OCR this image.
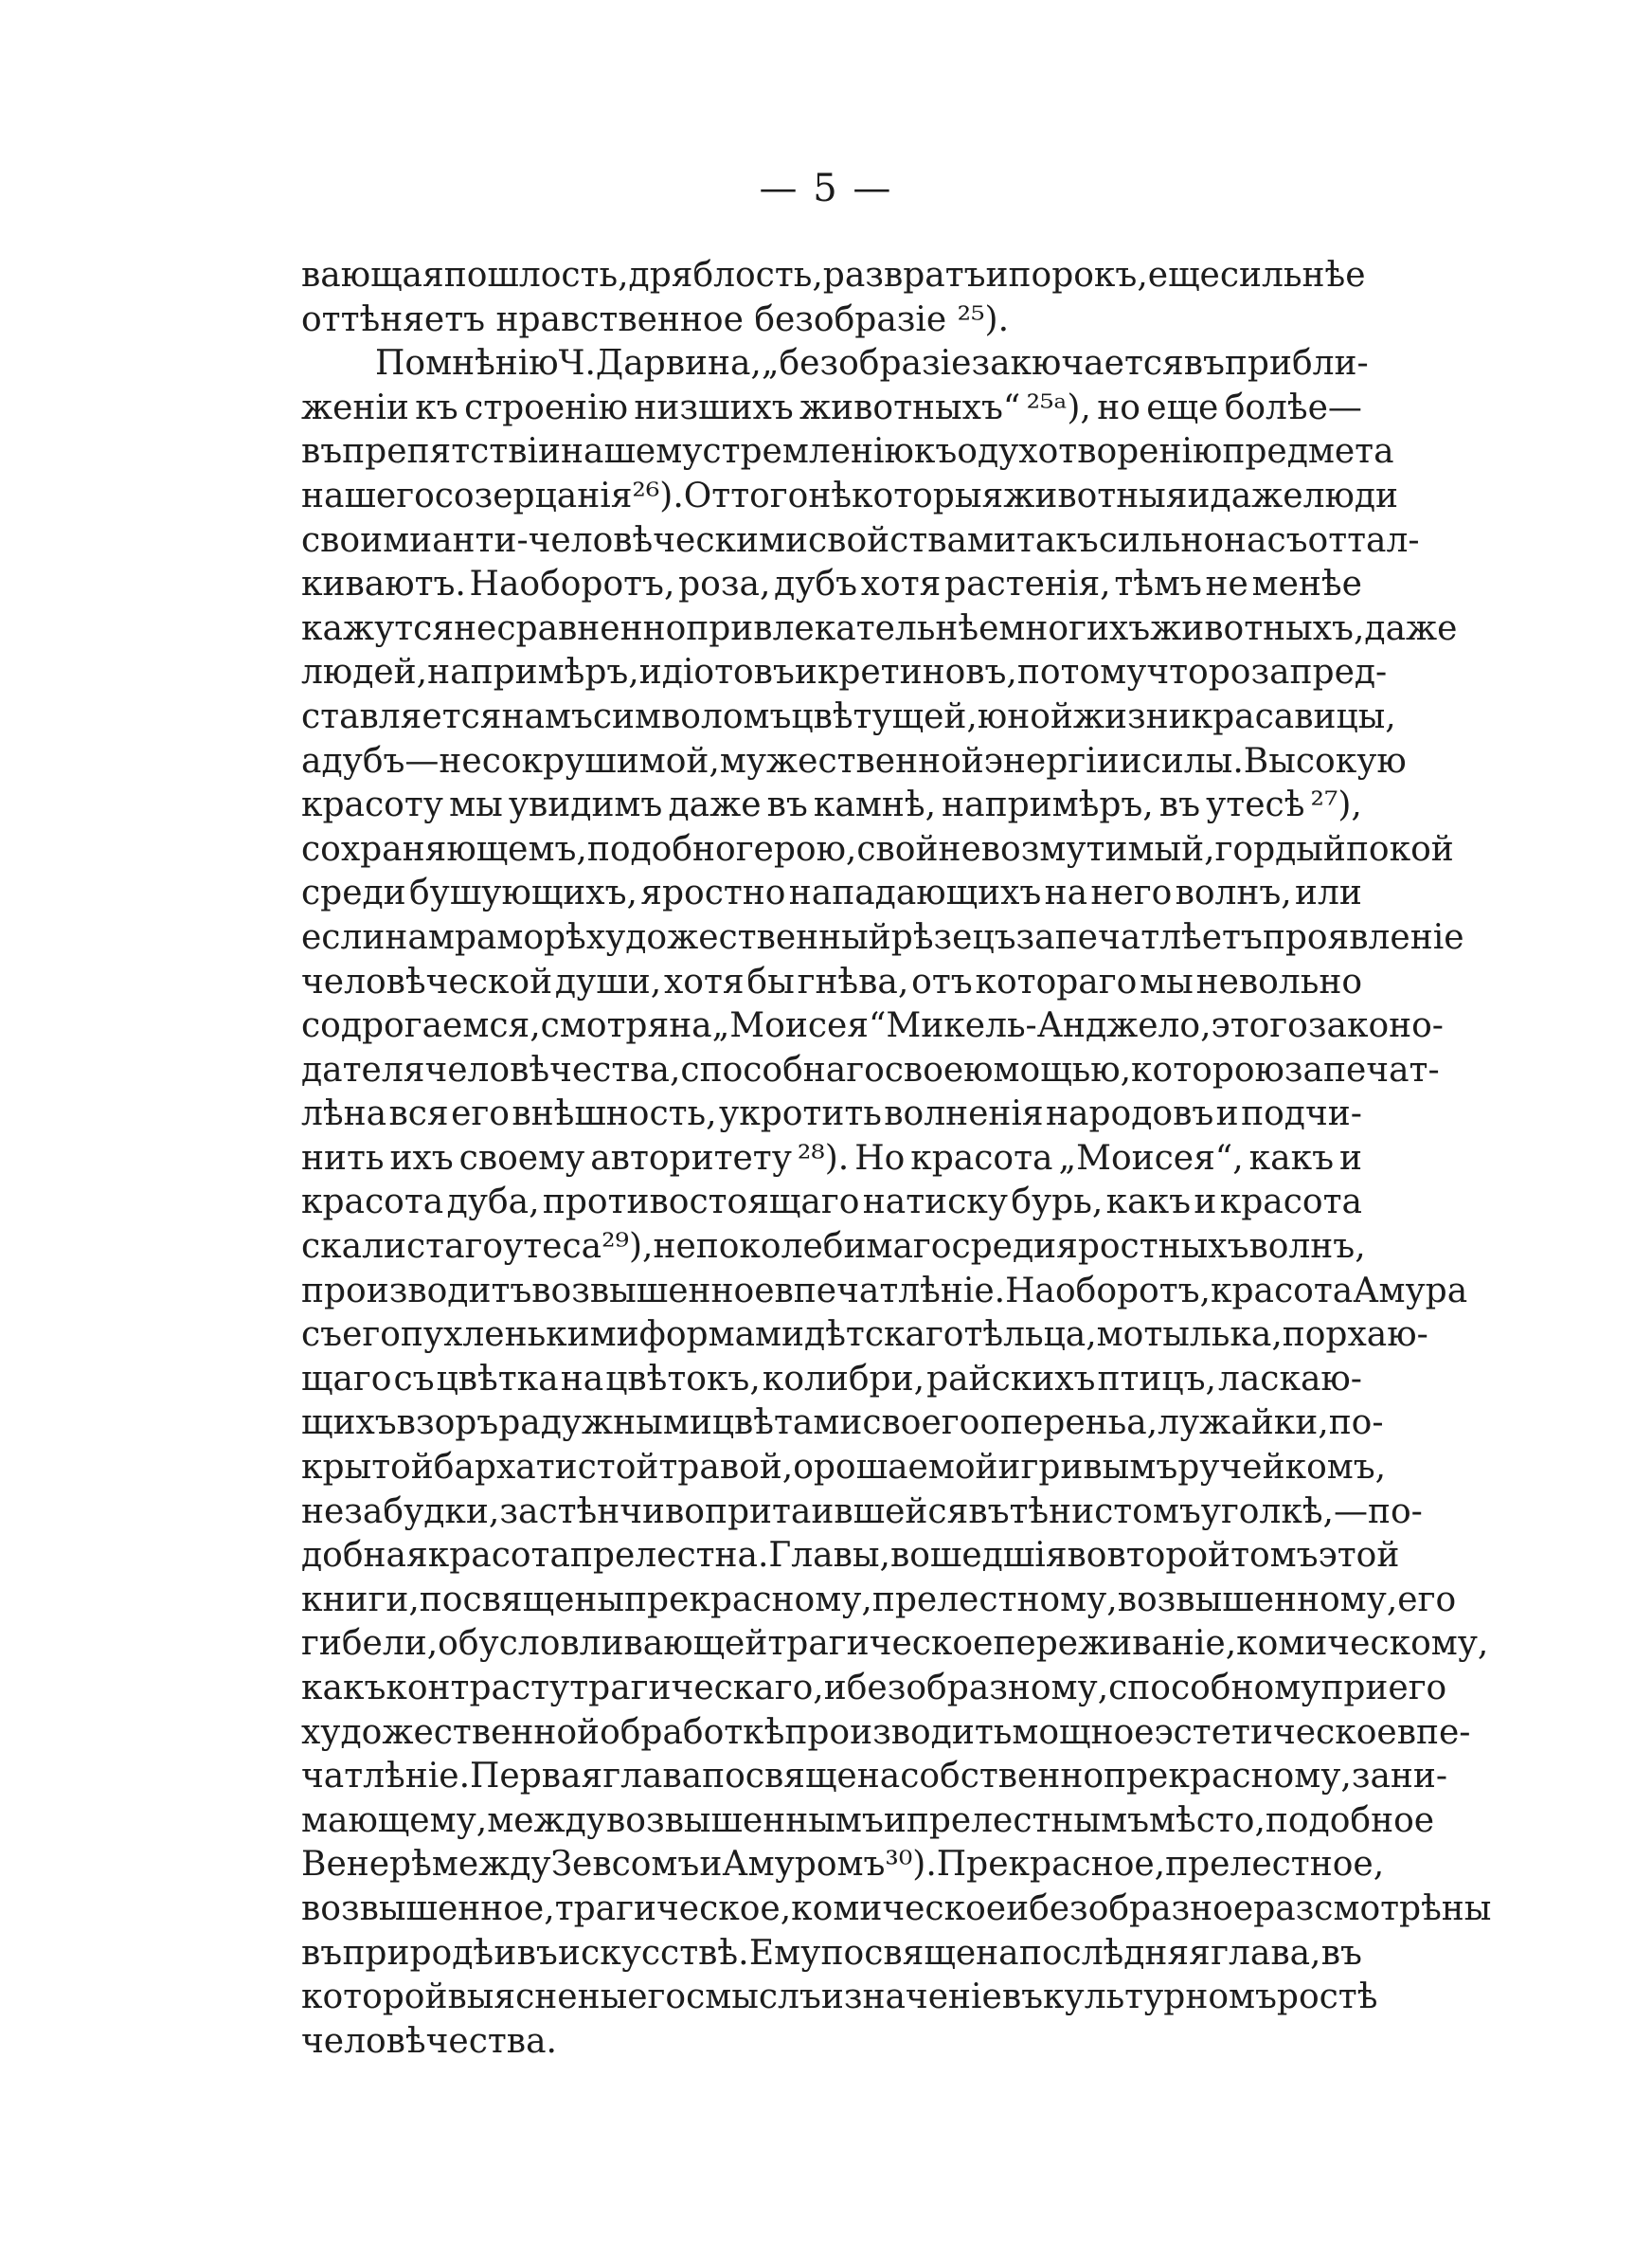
— 5 —
вающая пошлость, дряблость, развратъ и порокъ, еще сильнѣе
оттѣняетъ нравственное безобразіе ²⁵).
По мнѣнію Ч. Дарвина, „безобразіе закючается въ прибли-
женіи къ строенію низшихъ животныхъ“ ²⁵ᵃ), но еще болѣе—
въ препятствіи нашему стремленію къ одухотворенію предмета
нашего созерцанія ²⁶). Оттого нѣкоторыя животныя и даже люди
своими анти-человѣческими свойствами такъ сильно насъ оттал-
киваютъ. Наоборотъ, роза, дубъ хотя растенія, тѣмъ не менѣе
кажутся несравненно привлекательнѣе многихъ животныхъ, даже
людей, напримѣръ, идіотовъ и кретиновъ, потому что роза пред-
ставляется намъ символомъ цвѣтущей, юной жизни красавицы,
а дубъ—несокрушимой, мужественной энергіи и силы. Высокую
красоту мы увидимъ даже въ камнѣ, напримѣръ, въ утесѣ ²⁷),
сохраняющемъ, подобно герою, свой невозмутимый, гордый покой
среди бушующихъ, яростно нападающихъ на него волнъ, или
если на мраморѣ художественный рѣзецъ запечатлѣетъ проявленіе
человѣческой души, хотя бы гнѣва, отъ котораго мы невольно
содрогаемся, смотря на „Моисея“ Микель-Анджело, этого законо-
дателя человѣчества, способнаго своею мощью, которою запечат-
лѣна вся его внѣшность, укротить волненія народовъ и подчи-
нить ихъ своему авторитету ²⁸). Но красота „Моисея“, какъ и
красота дуба, противостоящаго натиску бурь, какъ и красота
скалистаго утеса ²⁹), непоколебимаго среди яростныхъ волнъ,
производитъ возвышенное впечатлѣніе. Наоборотъ, красота Амура
съ его пухленькими формами дѣтскаго тѣльца, мотылька, порхаю-
щаго съ цвѣтка на цвѣтокъ, колибри, райскихъ птицъ, ласкаю-
щихъ взоръ радужными цвѣтами своего опереньа, лужайки, по-
крытой бархатистой травой, орошаемой игривымъ ручейкомъ,
незабудки, застѣнчиво притаившейся въ тѣнистомъ уголкѣ,—по-
добная красота прелестна. Главы, вошедшія во второй томъ этой
книги, посвящены прекрасному, прелестному, возвышенному, его
гибели, обусловливающей трагическое переживаніе, комическому,
какъ контрасту трагическаго, и безобразному, способному при его
художественной обработкѣ производить мощное эстетическое впе-
чатлѣніе. Первая глава посвящена собственно прекрасному, зани-
мающему, между возвышеннымъ и прелестнымъ мѣсто, подобное
Венерѣ между Зевсомъ и Амуромъ ³⁰). Прекрасное, прелестное,
возвышенное, трагическое, комическое и безобразное разсмотрѣны
въ природѣ и въ искусствѣ. Ему посвящена послѣдняя глава, въ
которой выяснены его смыслъ и значеніе въ культурномъ ростѣ
человѣчества.
